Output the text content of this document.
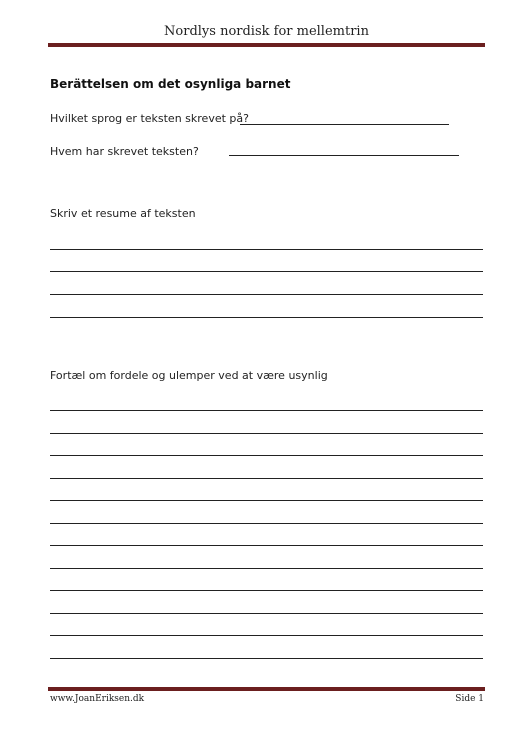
Nordlys nordisk for mellemtrin
Berättelsen om det osynliga barnet
Hvilket sprog er teksten skrevet på?
Hvem har skrevet teksten?
Skriv et resume af teksten
Fortæl om fordele og ulemper ved at være usynlig
www.JoanEriksen.dk	Side 1
